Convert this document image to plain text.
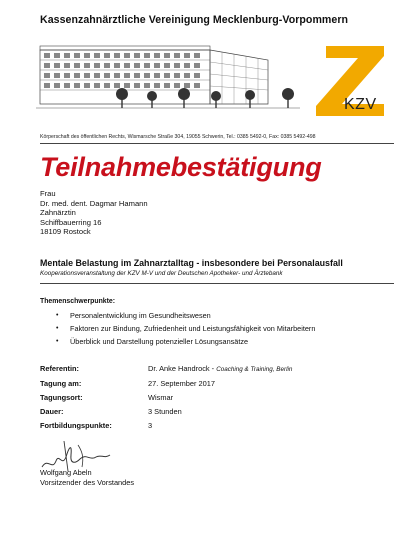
Kassenzahnärztliche Vereinigung Mecklenburg-Vorpommern
KZV
Körperschaft des öffentlichen Rechts, Wismarsche Straße 304, 19055 Schwerin, Tel.: 0385 5492-0, Fax: 0385 5492-498
Teilnahmebestätigung
Frau
Dr. med. dent. Dagmar Hamann
Zahnärztin
Schiffbauerring 16
18109 Rostock
Mentale Belastung im Zahnarztalltag - insbesondere bei Personalausfall
Kooperationsveranstaltung der KZV M-V und der Deutschen Apotheker- und Ärztebank
Themenschwerpunkte:
•	Personalentwicklung im Gesundheitswesen
•	Faktoren zur Bindung, Zufriedenheit und Leistungsfähigkeit von Mitarbeitern
•	Überblick und Darstellung potenzieller Lösungsansätze
Referentin:	Dr. Anke Handrock - Coaching & Training, Berlin
Tagung am:	27. September 2017
Tagungsort:	Wismar
Dauer:	3 Stunden
Fortbildungspunkte:	3
Wolfgang Abeln
Vorsitzender des Vorstandes
